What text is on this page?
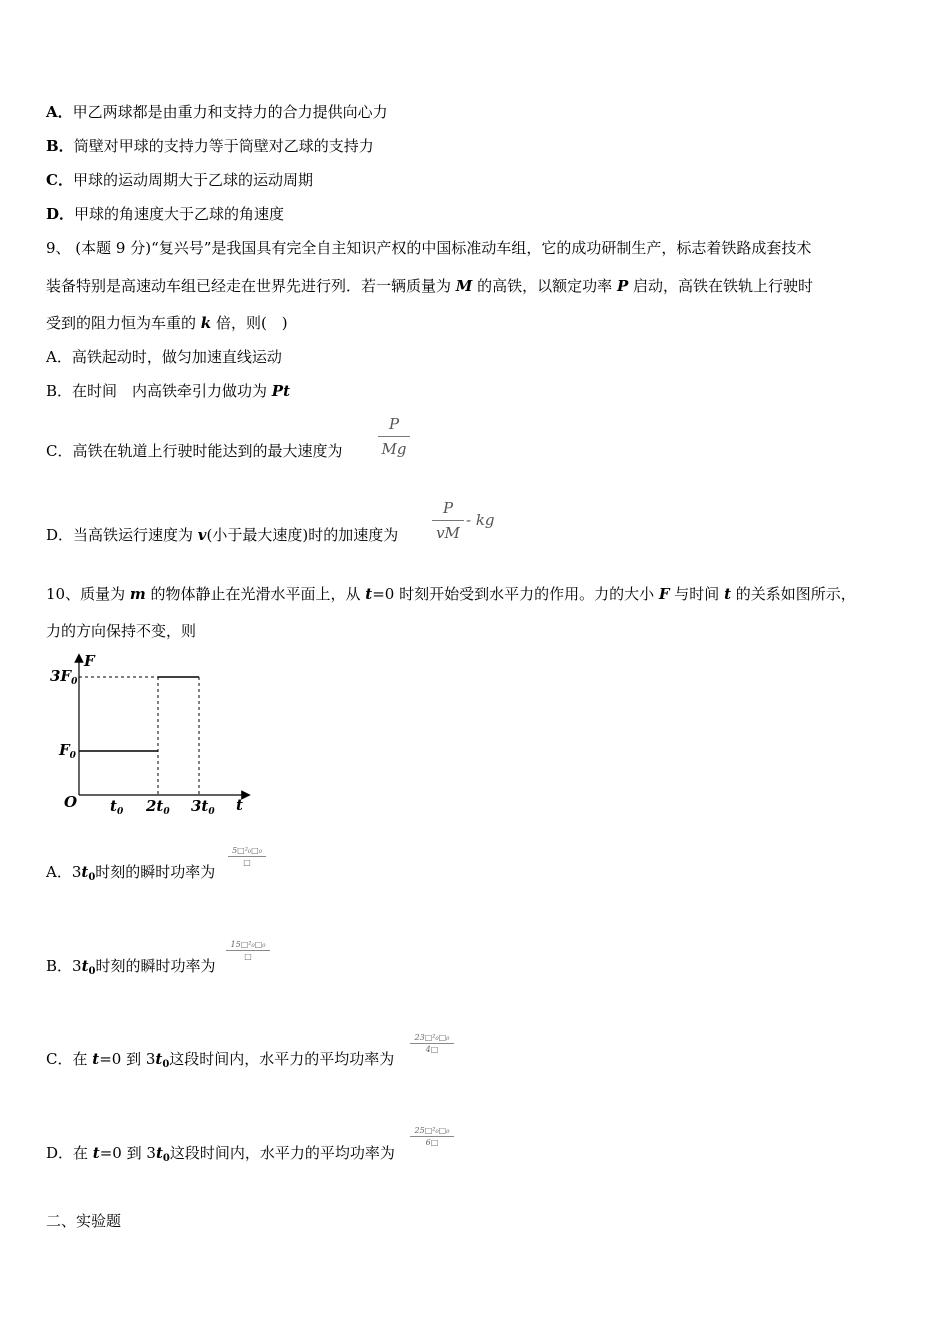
A．甲乙两球都是由重力和支持力的合力提供向心力
B．筒壁对甲球的支持力等于筒壁对乙球的支持力
C．甲球的运动周期大于乙球的运动周期
D．甲球的角速度大于乙球的角速度
9、 (本题 9 分)“复兴号”是我国具有完全自主知识产权的中国标准动车组，它的成功研制生产，标志着铁路成套技术
装备特别是高速动车组已经走在世界先进行列．若一辆质量为 M 的高铁，以额定功率 P 启动，高铁在铁轨上行驶时
受到的阻力恒为车重的 k 倍，则(　)
A．高铁起动时，做匀加速直线运动
B．在时间　内高铁牵引力做功为 Pt
C．高铁在轨道上行驶时能达到的最大速度为
P
Mg
D．当高铁运行速度为 v(小于最大速度)时的加速度为
P
vM
- kg
10、质量为 m 的物体静止在光滑水平面上，从 t=0 时刻开始受到水平力的作用。力的大小 F 与时间 t 的关系如图所示，
力的方向保持不变，则
F
t
O
$3F_0$
$F_0$
$t_0$ $2t_0$ $3t_0$
A．$3t_0$时刻的瞬时功率为
5□²₀□₀
□
B．$3t_0$时刻的瞬时功率为
15□²₀□₀
□
C．在 t=0 到 $3t_0$这段时间内，水平力的平均功率为
23□²₀□₀
4□
D．在 t=0 到 $3t_0$这段时间内，水平力的平均功率为
25□²₀□₀
6□
二、实验题
